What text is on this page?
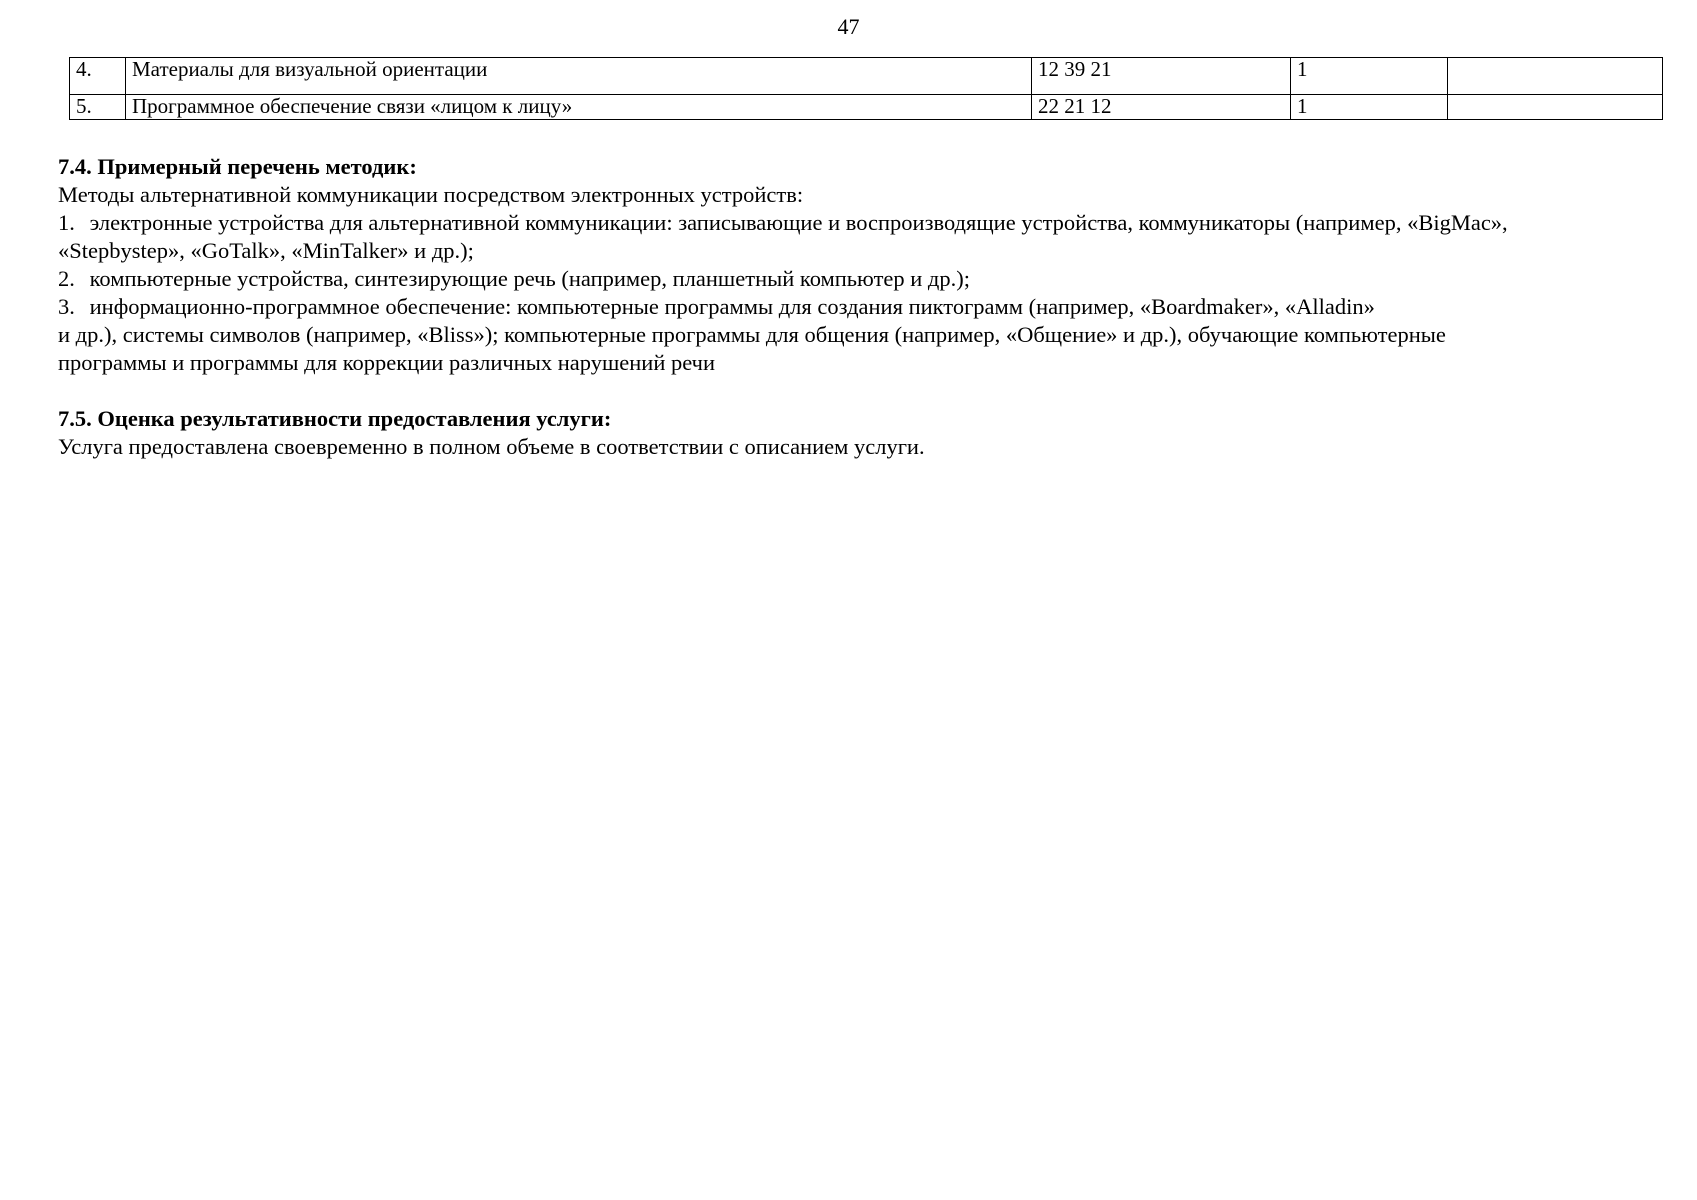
47
4.	Материалы для визуальной ориентации	12 39 21	1	
5.	Программное обеспечение связи «лицом к лицу»	22 21 12	1	

7.4. Примерный перечень методик:

Методы альтернативной коммуникации посредством электронных устройств:

1. электронные устройства для альтернативной коммуникации: записывающие и воспроизводящие устройства, коммуникаторы (например, «BigMac»,

«Stepbystep», «GoTalk», «MinTalker» и др.);

2. компьютерные устройства, синтезирующие речь (например, планшетный компьютер и др.);

3. информационно-программное обеспечение: компьютерные программы для создания пиктограмм (например, «Boardmaker», «Alladin»

и др.), системы символов (например, «Bliss»); компьютерные программы для общения (например, «Общение» и др.), обучающие компьютерные

программы и программы для коррекции различных нарушений речи

7.5. Оценка результативности предоставления услуги:

Услуга предоставлена своевременно в полном объеме в соответствии с описанием услуги.
